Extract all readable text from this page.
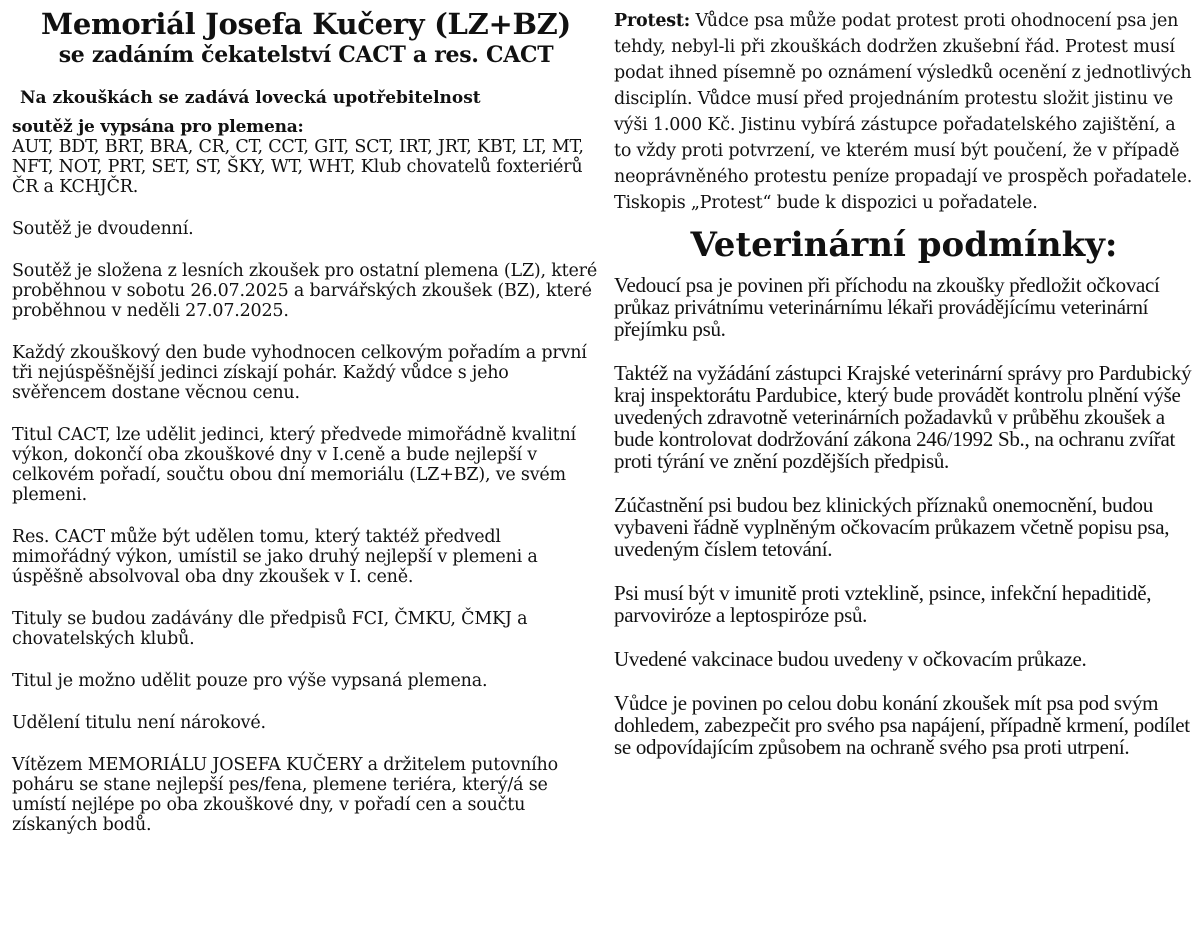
Memoriál Josefa Kučery (LZ+BZ)
se zadáním čekatelství CACT a res. CACT
Na zkouškách se zadává lovecká upotřebitelnost
soutěž je vypsána pro plemena:
AUT, BDT, BRT, BRA, CR, CT, CCT, GIT, SCT, IRT, JRT, KBT, LT, MT, NFT, NOT, PRT, SET, ST, ŠKY, WT, WHT, Klub chovatelů foxteriérů ČR a KCHJČR.

Soutěž je dvoudenní.

Soutěž je složena z lesních zkoušek pro ostatní plemena (LZ), které proběhnou v sobotu 26.07.2025 a barvářských zkoušek (BZ), které proběhnou v neděli 27.07.2025.

Každý zkouškový den bude vyhodnocen celkovým pořadím a první tři nejúspěšnější jedinci získají pohár. Každý vůdce s jeho svěřencem dostane věcnou cenu.

Titul CACT, lze udělit jedinci, který předvede mimořádně kvalitní výkon, dokončí oba zkouškové dny v I.ceně a bude nejlepší v celkovém pořadí, součtu obou dní memoriálu (LZ+BZ), ve svém plemeni.

Res. CACT může být udělen tomu, který taktéž předvedl mimořádný výkon, umístil se jako druhý nejlepší v plemeni a úspěšně absolvoval oba dny zkoušek v I. ceně.

Tituly se budou zadávány dle předpisů FCI, ČMKU, ČMKJ a chovatelských klubů.

Titul je možno udělit pouze pro výše vypsaná plemena.

Udělení titulu není nárokové.

Vítězem MEMORIÁLU JOSEFA KUČERY a držitelem putovního poháru se stane nejlepší pes/fena, plemene teriéra, který/á se umístí nejlépe po oba zkouškové dny, v pořadí cen a součtu získaných bodů.

Protest: Vůdce psa může podat protest proti ohodnocení psa jen tehdy, nebyl-li při zkouškách dodržen zkušební řád. Protest musí podat ihned písemně po oznámení výsledků ocenění z jednotlivých disciplín. Vůdce musí před projednáním protestu složit jistinu ve výši 1.000 Kč. Jistinu vybírá zástupce pořadatelského zajištění, a to vždy proti potvrzení, ve kterém musí být poučení, že v případě neoprávněného protestu peníze propadají ve prospěch pořadatele. Tiskopis „Protest“ bude k dispozici u pořadatele.

Veterinární podmínky:

Vedoucí psa je povinen při příchodu na zkoušky předložit očkovací průkaz privátnímu veterinárnímu lékaři provádějícímu veterinární přejímku psů.

Taktéž na vyžádání zástupci Krajské veterinární správy pro Pardubický kraj inspektorátu Pardubice, který bude provádět kontrolu plnění výše uvedených zdravotně veterinárních požadavků v průběhu zkoušek a bude kontrolovat dodržování zákona 246/1992 Sb., na ochranu zvířat proti týrání ve znění pozdějších předpisů.

Zúčastnění psi budou bez klinických příznaků onemocnění, budou vybaveni řádně vyplněným očkovacím průkazem včetně popisu psa, uvedeným číslem tetování.

Psi musí být v imunitě proti vzteklině, psince, infekční hepaditidě, parvoviróze a leptospiróze psů.

Uvedené vakcinace budou uvedeny v očkovacím průkaze.

Vůdce je povinen po celou dobu konání zkoušek mít psa pod svým dohledem, zabezpečit pro svého psa napájení, případně krmení, podílet se odpovídajícím způsobem na ochraně svého psa proti utrpení.
